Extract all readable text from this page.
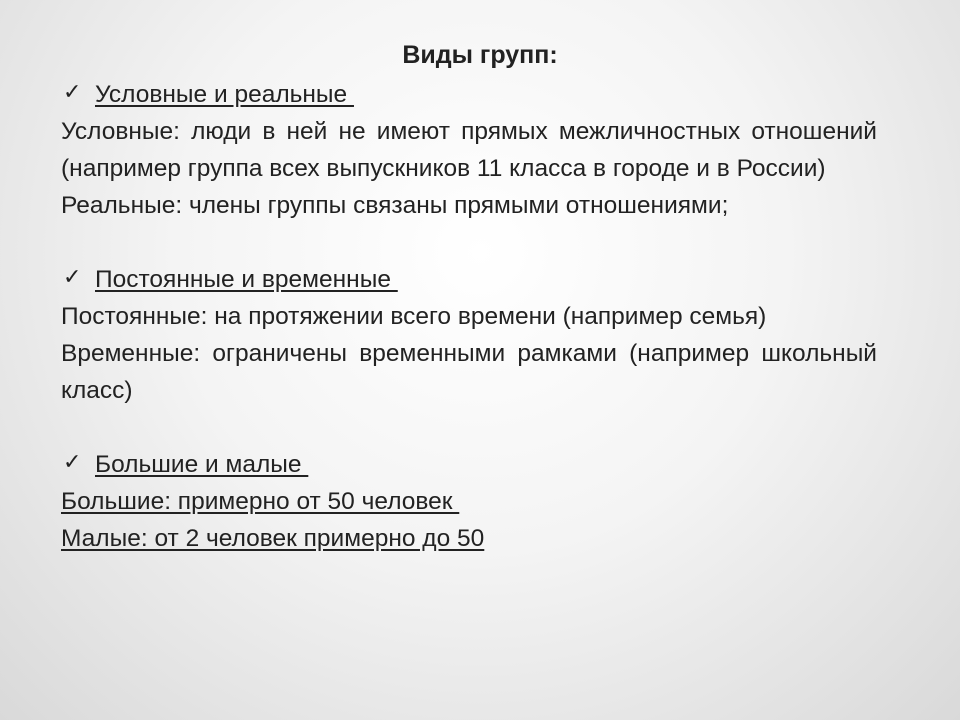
Виды групп:
✓ Условные и реальные
Условные: люди в ней не имеют прямых межличностных отношений (например группа всех выпускников 11 класса в городе и в России)
Реальные: члены группы связаны прямыми отношениями;
✓ Постоянные и временные
Постоянные: на протяжении всего времени (например семья)
Временные: ограничены временными рамками (например школьный класс)
✓ Большие и малые
Большие: примерно от 50 человек
Малые: от 2 человек примерно до 50
